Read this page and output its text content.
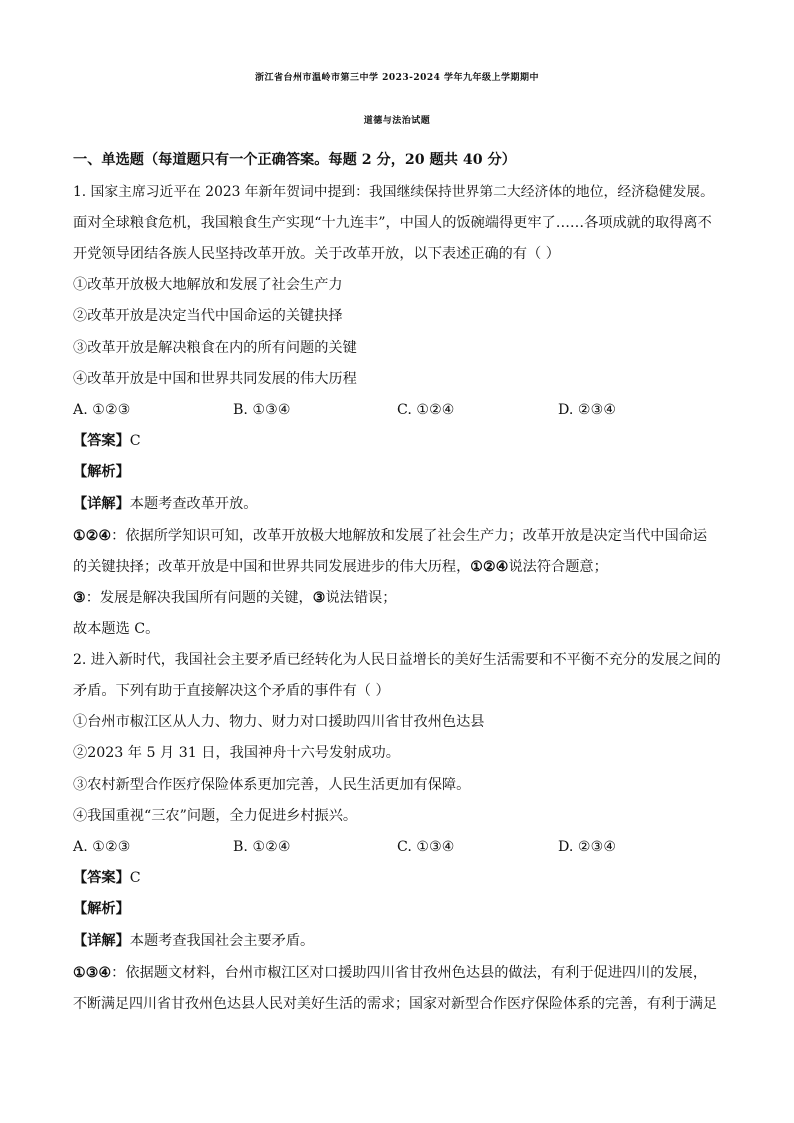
浙江省台州市温岭市第三中学 2023-2024 学年九年级上学期期中
道德与法治试题
一、单选题（每道题只有一个正确答案。每题 2 分，20 题共 40 分）
1. 国家主席习近平在 2023 年新年贺词中提到：我国继续保持世界第二大经济体的地位，经济稳健发展。
面对全球粮食危机，我国粮食生产实现“十九连丰”，中国人的饭碗端得更牢了……各项成就的取得离不
开党领导团结各族人民坚持改革开放。关于改革开放，以下表述正确的有（ ）
①改革开放极大地解放和发展了社会生产力
②改革开放是决定当代中国命运的关键抉择
③改革开放是解决粮食在内的所有问题的关键
④改革开放是中国和世界共同发展的伟大历程
A. ①②③	B. ①③④	C. ①②④	D. ②③④
【答案】C
【解析】
【详解】本题考查改革开放。
①②④：依据所学知识可知，改革开放极大地解放和发展了社会生产力；改革开放是决定当代中国命运
的关键抉择；改革开放是中国和世界共同发展进步的伟大历程，①②④说法符合题意；
③：发展是解决我国所有问题的关键，③说法错误；
故本题选 C。
2. 进入新时代，我国社会主要矛盾已经转化为人民日益增长的美好生活需要和不平衡不充分的发展之间的
矛盾。下列有助于直接解决这个矛盾的事件有（ ）
①台州市椒江区从人力、物力、财力对口援助四川省甘孜州色达县
②2023 年 5 月 31 日，我国神舟十六号发射成功。
③农村新型合作医疗保险体系更加完善，人民生活更加有保障。
④我国重视“三农”问题，全力促进乡村振兴。
A. ①②③	B. ①②④	C. ①③④	D. ②③④
【答案】C
【解析】
【详解】本题考查我国社会主要矛盾。
①③④：依据题文材料，台州市椒江区对口援助四川省甘孜州色达县的做法，有利于促进四川的发展，
不断满足四川省甘孜州色达县人民对美好生活的需求；国家对新型合作医疗保险体系的完善，有利于满足
